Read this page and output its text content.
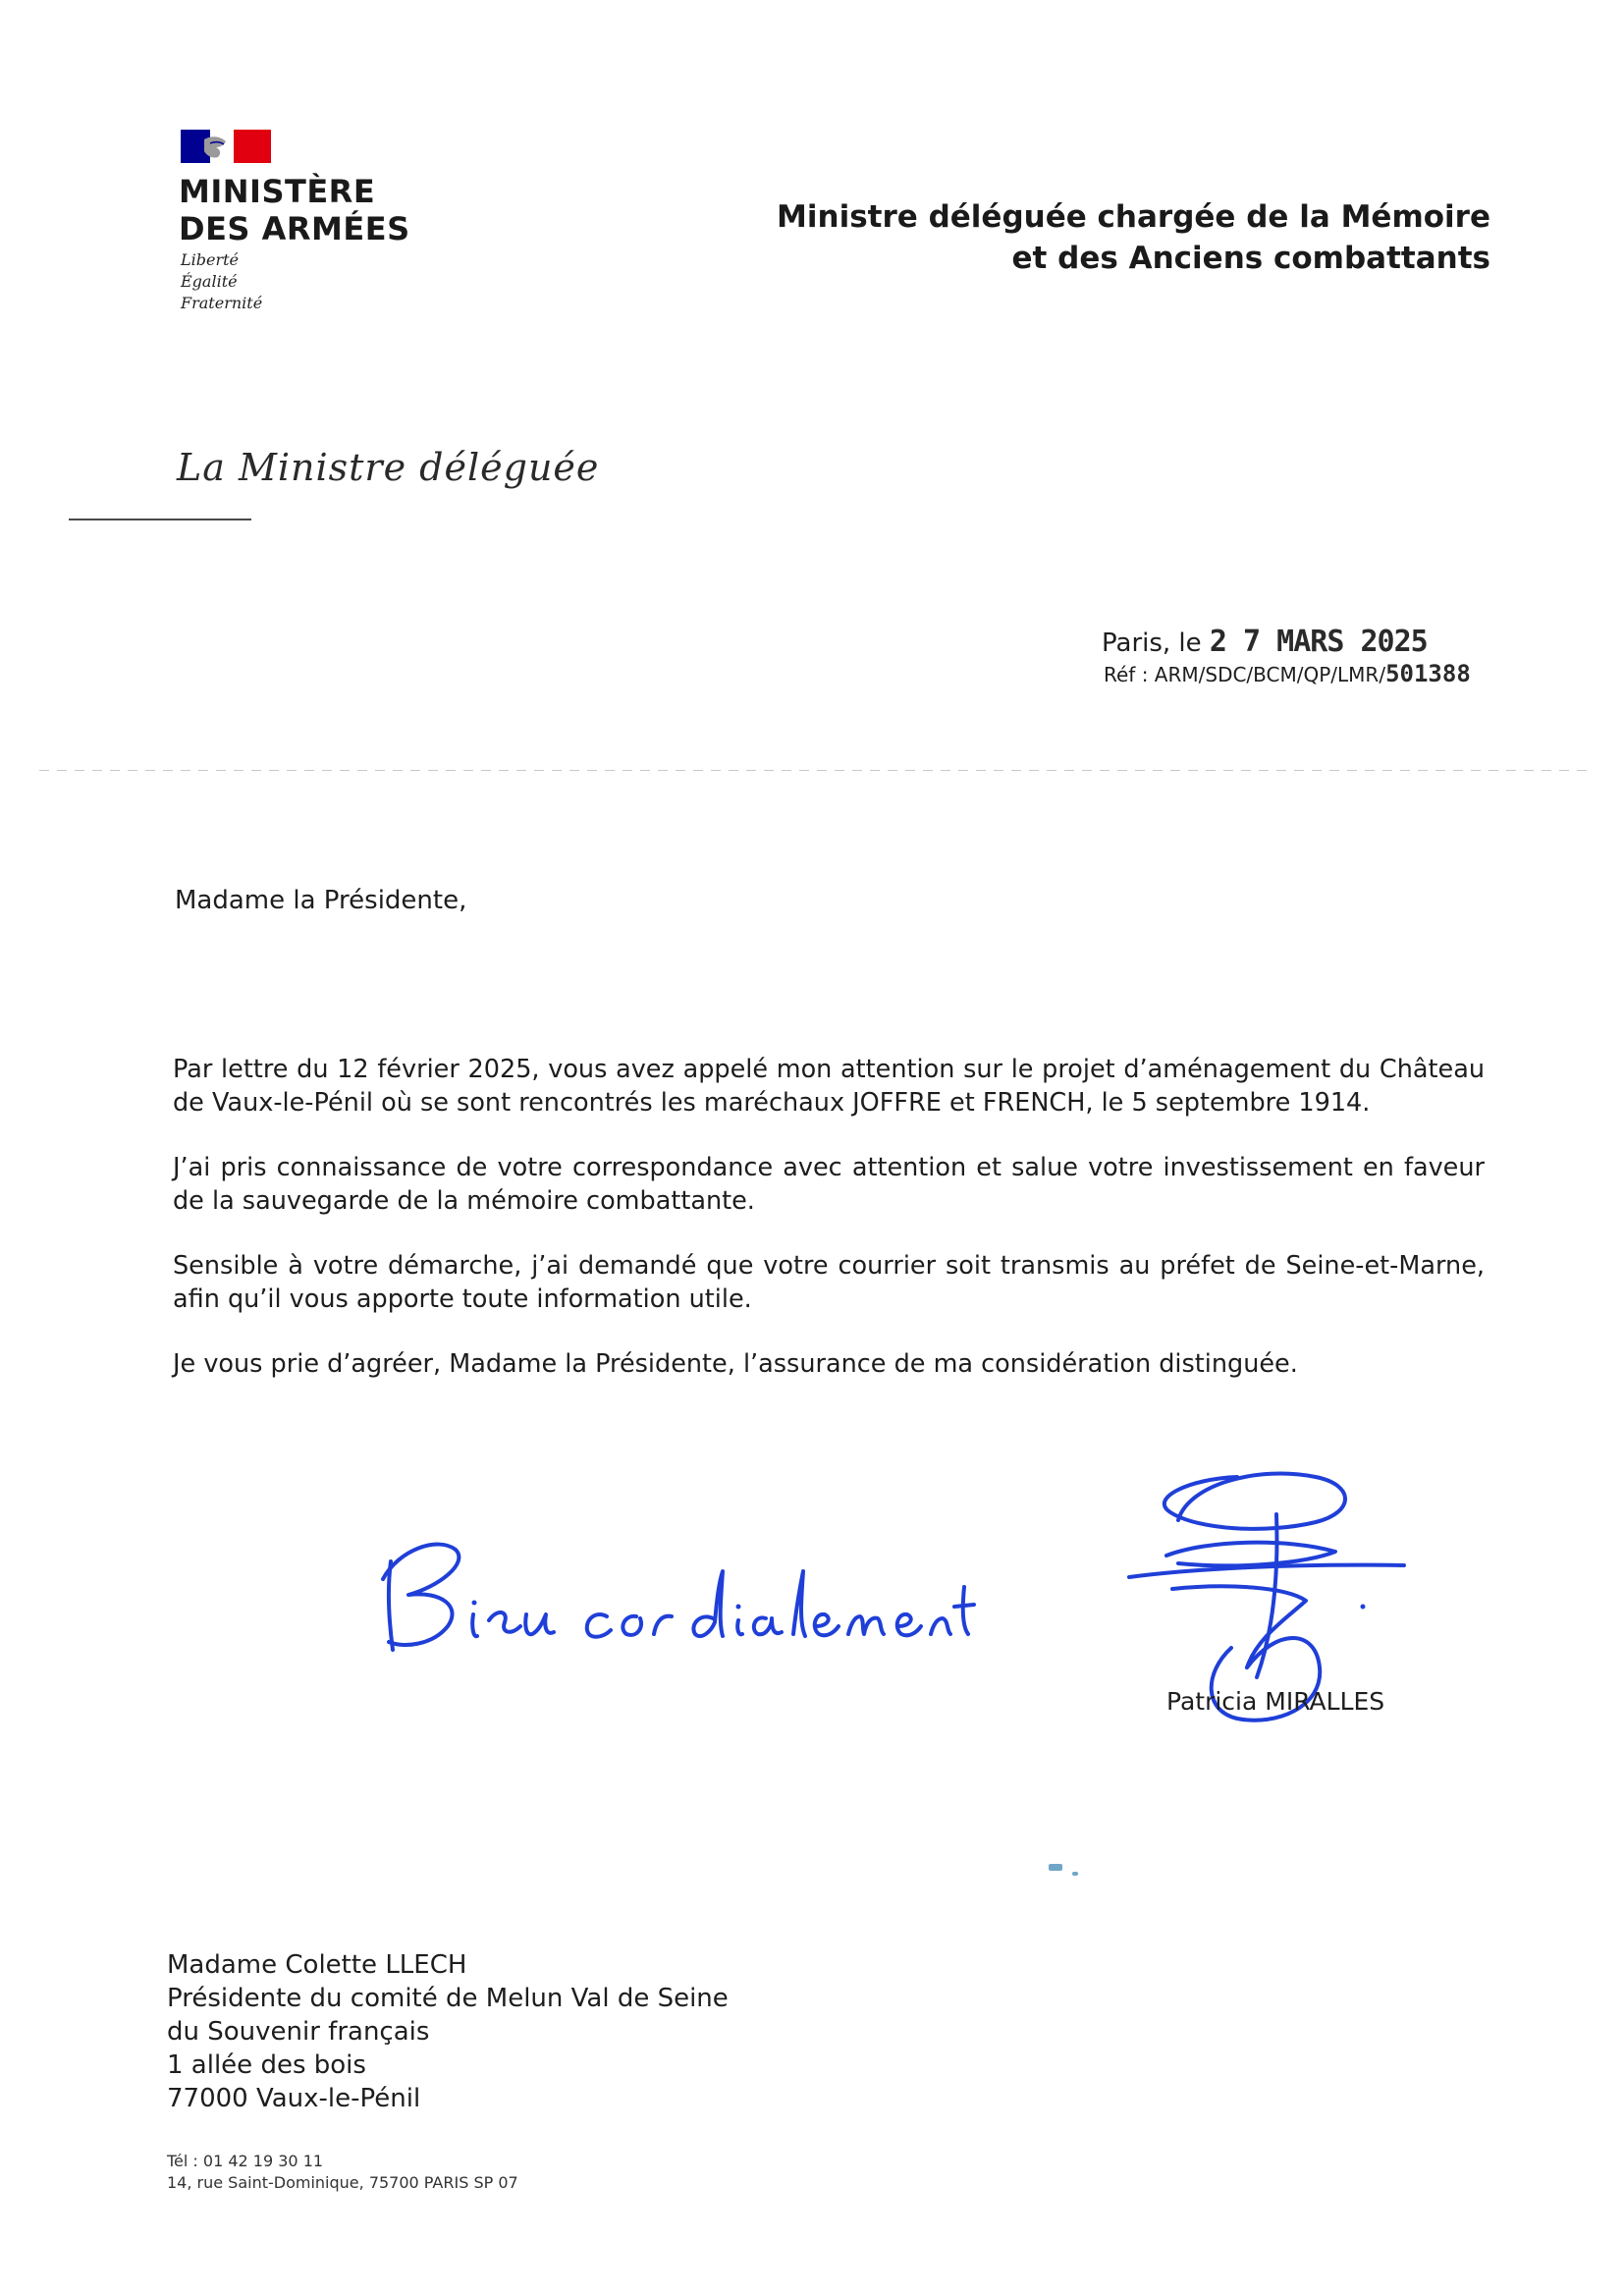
MINISTÈRE
DES ARMÉES
Liberté
Égalité
Fraternité
Ministre déléguée chargée de la Mémoire
et des Anciens combattants
La Ministre déléguée
Paris, le 2 7 MARS 2025
Réf : ARM/SDC/BCM/QP/LMR/501388
Madame la Présidente,

Par lettre du 12 février 2025, vous avez appelé mon attention sur le projet d’aménagement du Château de Vaux-le-Pénil où se sont rencontrés les maréchaux JOFFRE et FRENCH, le 5 septembre 1914.

J’ai pris connaissance de votre correspondance avec attention et salue votre investissement en faveur de la sauvegarde de la mémoire combattante.

Sensible à votre démarche, j’ai demandé que votre courrier soit transmis au préfet de Seine-et-Marne, afin qu’il vous apporte toute information utile.

Je vous prie d’agréer, Madame la Présidente, l’assurance de ma considération distinguée.

Patricia MIRALLES
Madame Colette LLECH
Présidente du comité de Melun Val de Seine
du Souvenir français
1 allée des bois
77000 Vaux-le-Pénil
Tél : 01 42 19 30 11
14, rue Saint-Dominique, 75700 PARIS SP 07
